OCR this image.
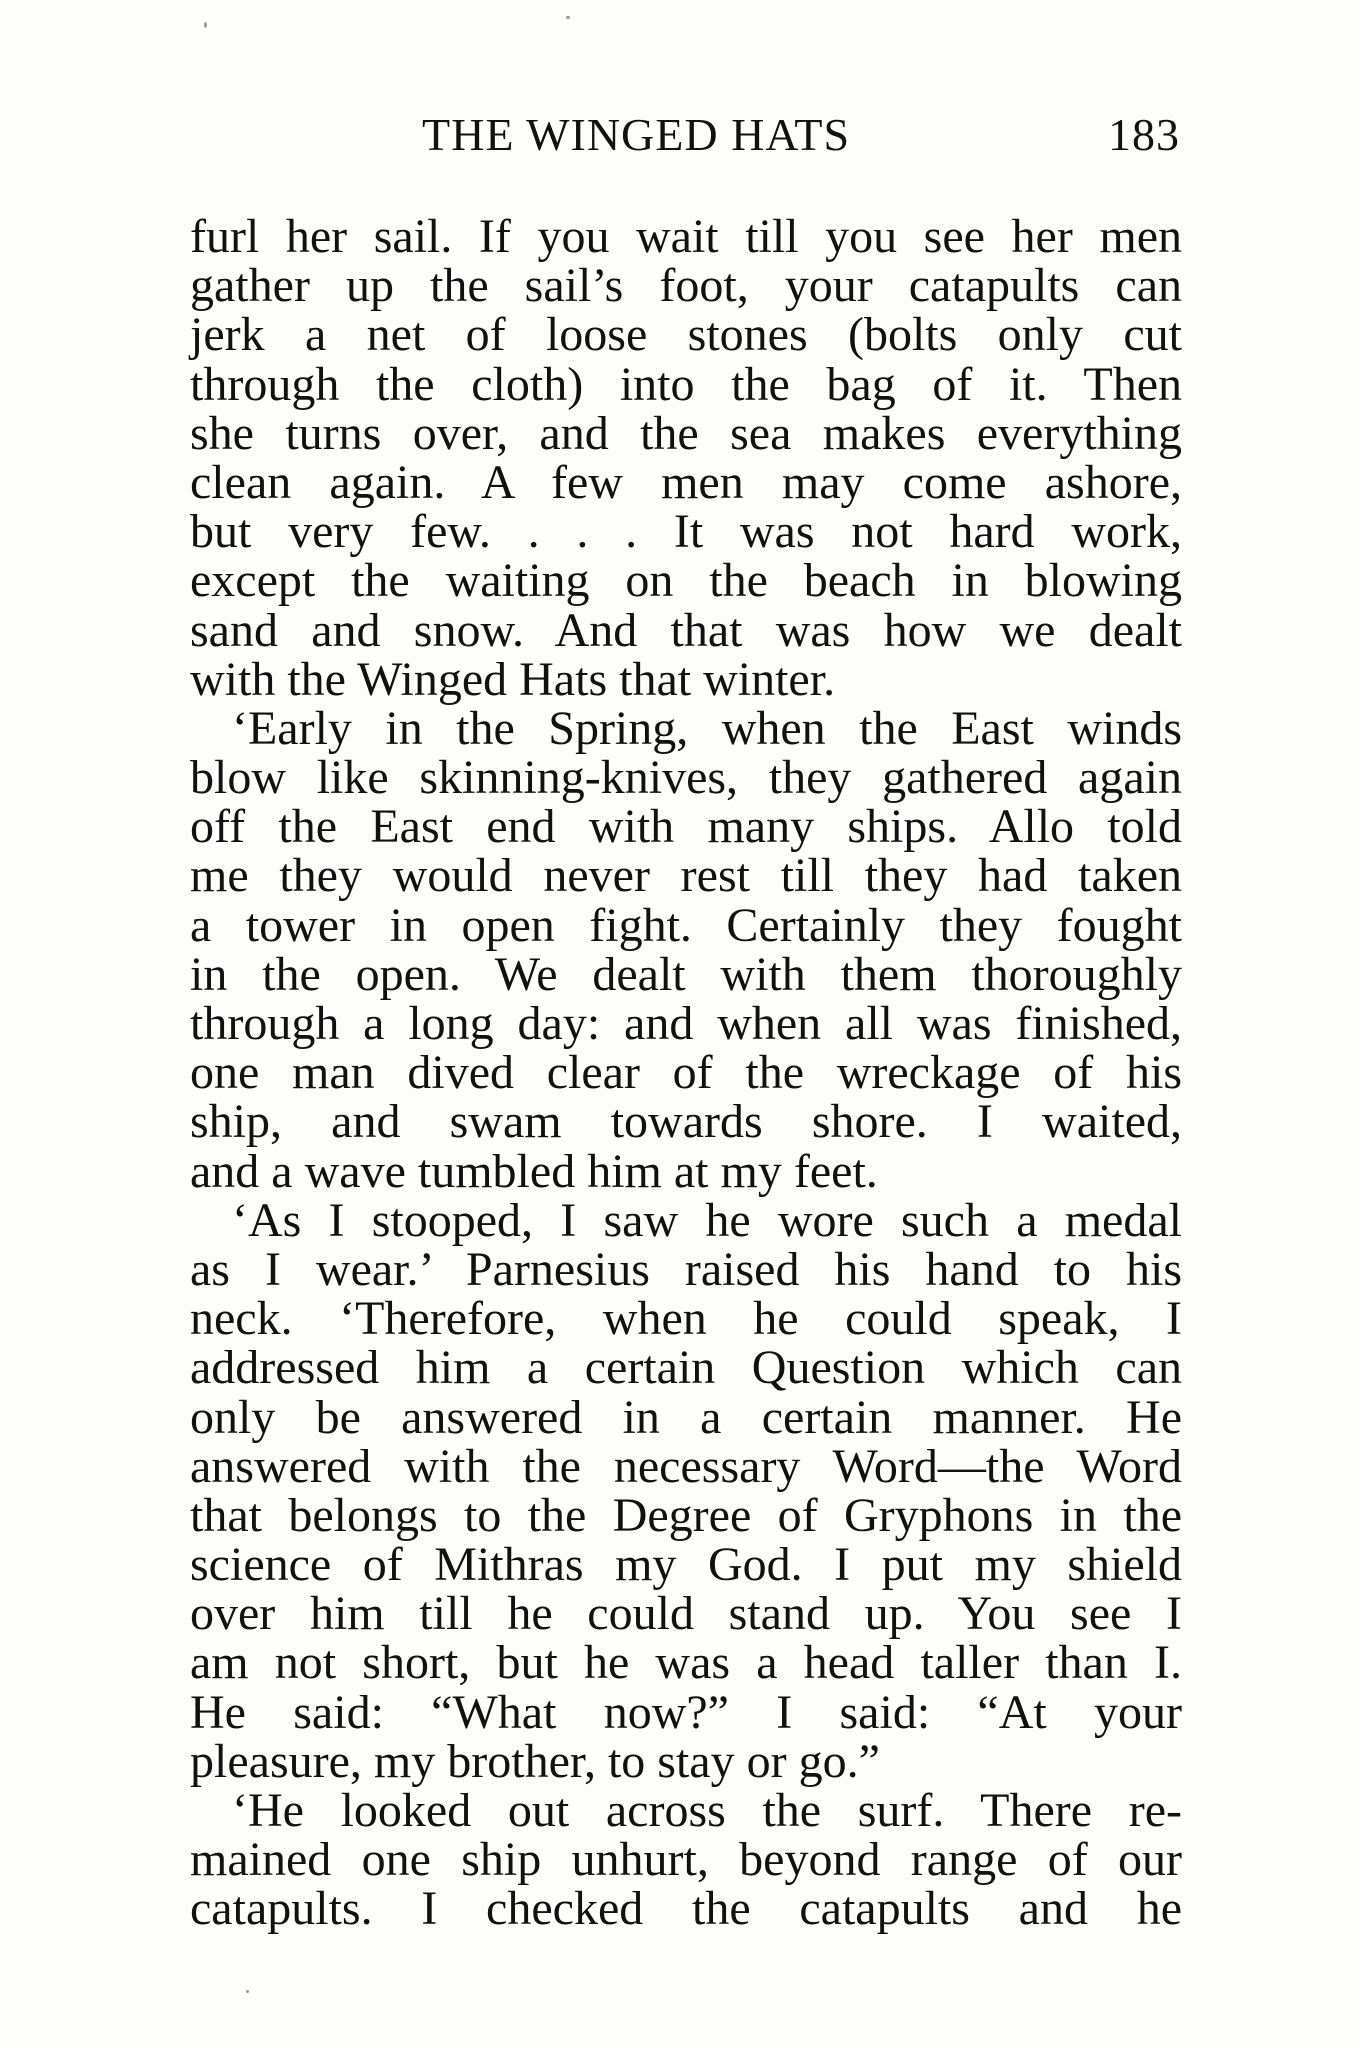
THE WINGED HATS	183
furl her sail. If you wait till you see her men
gather up the sail’s foot, your catapults can
jerk a net of loose stones (bolts only cut
through the cloth) into the bag of it. Then
she turns over, and the sea makes everything
clean again. A few men may come ashore,
but very few. . . . It was not hard work,
except the waiting on the beach in blowing
sand and snow. And that was how we dealt
with the Winged Hats that winter.
‘Early in the Spring, when the East winds
blow like skinning-knives, they gathered again
off the East end with many ships. Allo told
me they would never rest till they had taken
a tower in open fight. Certainly they fought
in the open. We dealt with them thoroughly
through a long day: and when all was finished,
one man dived clear of the wreckage of his
ship, and swam towards shore. I waited,
and a wave tumbled him at my feet.
‘As I stooped, I saw he wore such a medal
as I wear.’ Parnesius raised his hand to his
neck. ‘Therefore, when he could speak, I
addressed him a certain Question which can
only be answered in a certain manner. He
answered with the necessary Word—the Word
that belongs to the Degree of Gryphons in the
science of Mithras my God. I put my shield
over him till he could stand up. You see I
am not short, but he was a head taller than I.
He said: “What now?” I said: “At your
pleasure, my brother, to stay or go.”
‘He looked out across the surf. There re-
mained one ship unhurt, beyond range of our
catapults. I checked the catapults and he
